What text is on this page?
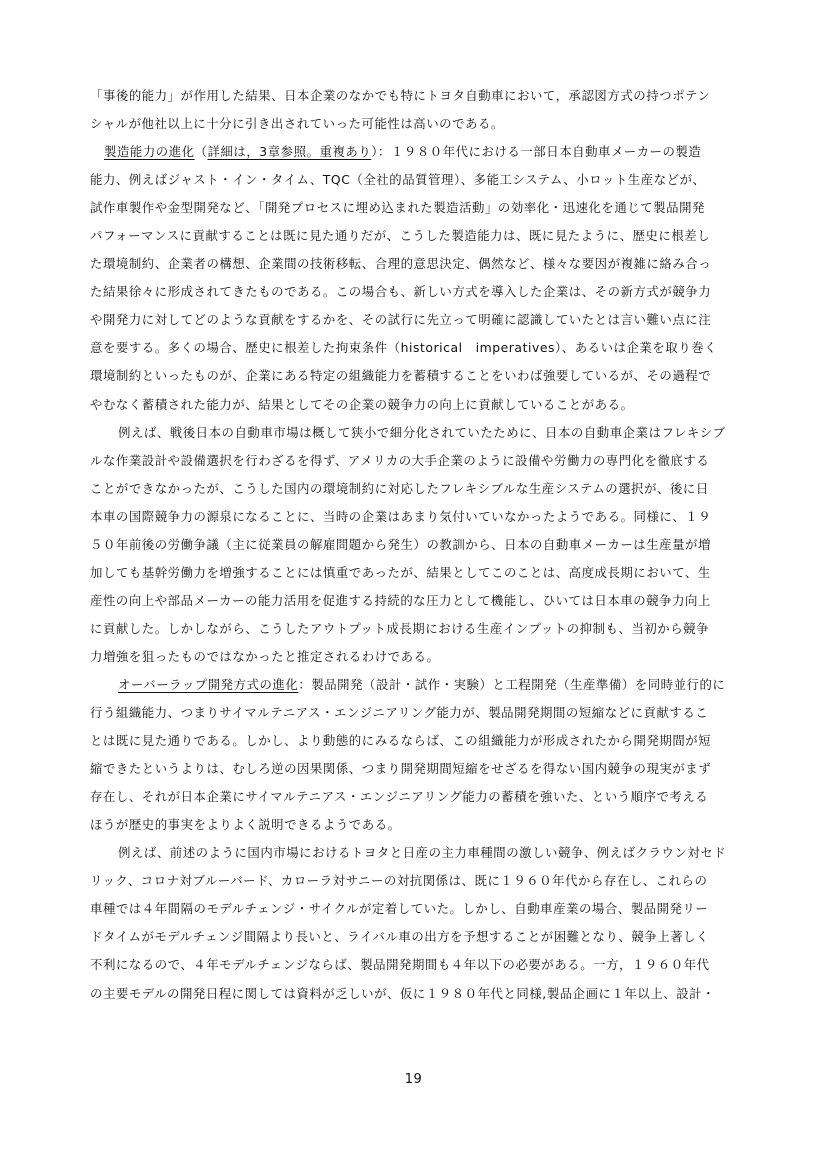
「事後的能力」が作用した結果、日本企業のなかでも特にトヨタ自動車において，承認図方式の持つポテン
シャルが他社以上に十分に引き出されていった可能性は高いのである。
製造能力の進化（詳細は，3章参照。重複あり）：１９８０年代における一部日本自動車メーカーの製造
能力、例えばジャスト・イン・タイム、TQC（全社的品質管理）、多能工システム、小ロット生産などが、
試作車製作や金型開発など、「開発プロセスに埋め込まれた製造活動」の効率化・迅速化を通じて製品開発
パフォーマンスに貢献することは既に見た通りだが、こうした製造能力は、既に見たように、歴史に根差し
た環境制約、企業者の構想、企業間の技術移転、合理的意思決定、偶然など、様々な要因が複雑に絡み合っ
た結果徐々に形成されてきたものである。この場合も、新しい方式を導入した企業は、その新方式が競争力
や開発力に対してどのような貢献をするかを、その試行に先立って明確に認識していたとは言い難い点に注
意を要する。多くの場合、歴史に根差した拘束条件（historical　imperatives）、あるいは企業を取り巻く
環境制約といったものが、企業にある特定の組織能力を蓄積することをいわば強要しているが、その過程で
やむなく蓄積された能力が、結果としてその企業の競争力の向上に貢献していることがある。
例えば、戦後日本の自動車市場は概して狭小で細分化されていたために、日本の自動車企業はフレキシブ
ルな作業設計や設備選択を行わざるを得ず、アメリカの大手企業のように設備や労働力の専門化を徹底する
ことができなかったが、こうした国内の環境制約に対応したフレキシブルな生産システムの選択が、後に日
本車の国際競争力の源泉になることに、当時の企業はあまり気付いていなかったようである。同様に、１９
５０年前後の労働争議（主に従業員の解雇問題から発生）の教訓から、日本の自動車メーカーは生産量が増
加しても基幹労働力を増強することには慎重であったが、結果としてこのことは、高度成長期において、生
産性の向上や部品メーカーの能力活用を促進する持続的な圧力として機能し、ひいては日本車の競争力向上
に貢献した。しかしながら、こうしたアウトプット成長期における生産インプットの抑制も、当初から競争
力増強を狙ったものではなかったと推定されるわけである。
オーバーラップ開発方式の進化：製品開発（設計・試作・実験）と工程開発（生産準備）を同時並行的に
行う組織能力、つまりサイマルテニアス・エンジニアリング能力が、製品開発期間の短縮などに貢献するこ
とは既に見た通りである。しかし、より動態的にみるならば、この組織能力が形成されたから開発期間が短
縮できたというよりは、むしろ逆の因果関係、つまり開発期間短縮をせざるを得ない国内競争の現実がまず
存在し、それが日本企業にサイマルテニアス・エンジニアリング能力の蓄積を強いた、という順序で考える
ほうが歴史的事実をよりよく説明できるようである。
例えば、前述のように国内市場におけるトヨタと日産の主力車種間の激しい競争、例えばクラウン対セド
リック、コロナ対ブルーバード、カローラ対サニーの対抗関係は、既に１９６０年代から存在し、これらの
車種では４年間隔のモデルチェンジ・サイクルが定着していた。しかし、自動車産業の場合、製品開発リー
ドタイムがモデルチェンジ間隔より長いと、ライバル車の出方を予想することが困難となり、競争上著しく
不利になるので、４年モデルチェンジならば、製品開発期間も４年以下の必要がある。一方，１９６０年代
の主要モデルの開発日程に関しては資料が乏しいが、仮に１９８０年代と同様,製品企画に１年以上、設計・
19
